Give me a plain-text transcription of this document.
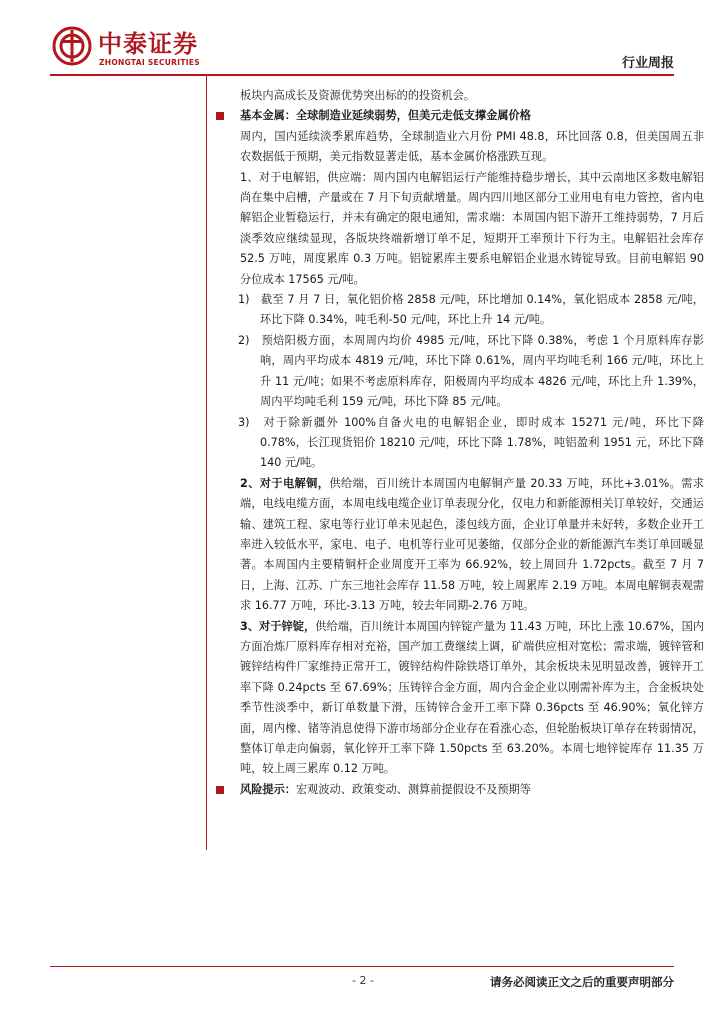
中泰证券
ZHONGTAI SECURITIES	行业周报

板块内高成长及资源优势突出标的的投资机会。

基本金属：全球制造业延续弱势，但美元走低支撑金属价格

周内，国内延续淡季累库趋势，全球制造业六月份 PMI 48.8，环比回落 0.8，但美国周五非农数据低于预期，美元指数显著走低，基本金属价格涨跌互现。

1、对于电解铝，供应端：周内国内电解铝运行产能维持稳步增长，其中云南地区多数电解铝尚在集中启槽，产量或在 7 月下旬贡献增量。周内四川地区部分工业用电有电力管控，省内电解铝企业暂稳运行，并未有确定的限电通知，需求端：本周国内铝下游开工维持弱势，7 月后淡季效应继续显现，各版块终端新增订单不足，短期开工率预计下行为主。电解铝社会库存 52.5 万吨，周度累库 0.3 万吨。铝锭累库主要系电解铝企业退水铸锭导致。目前电解铝 90 分位成本 17565 元/吨。

1)　截至 7 月 7 日，氧化铝价格 2858 元/吨，环比增加 0.14%，氧化铝成本 2858 元/吨，环比下降 0.34%，吨毛利-50 元/吨，环比上升 14 元/吨。

2)　预焙阳极方面，本周周内均价 4985 元/吨，环比下降 0.38%，考虑 1 个月原料库存影响，周内平均成本 4819 元/吨，环比下降 0.61%，周内平均吨毛利 166 元/吨，环比上升 11 元/吨；如果不考虑原料库存，阳极周内平均成本 4826 元/吨，环比上升 1.39%，周内平均吨毛利 159 元/吨，环比下降 85 元/吨。

3)　对于除新疆外 100%自备火电的电解铝企业，即时成本 15271 元/吨，环比下降 0.78%，长江现货铝价 18210 元/吨，环比下降 1.78%，吨铝盈利 1951 元，环比下降 140 元/吨。

2、对于电解铜，供给端，百川统计本周国内电解铜产量 20.33 万吨，环比+3.01%。需求端，电线电缆方面，本周电线电缆企业订单表现分化，仅电力和新能源相关订单较好，交通运输、建筑工程、家电等行业订单未见起色，漆包线方面，企业订单量并未好转，多数企业开工率进入较低水平，家电、电子、电机等行业可见萎缩，仅部分企业的新能源汽车类订单回暖显著。本周国内主要精铜杆企业周度开工率为 66.92%，较上周回升 1.72pcts。截至 7 月 7 日，上海、江苏、广东三地社会库存 11.58 万吨，较上周累库 2.19 万吨。本周电解铜表观需求 16.77 万吨，环比-3.13 万吨，较去年同期-2.76 万吨。

3、对于锌锭，供给端，百川统计本周国内锌锭产量为 11.43 万吨，环比上涨 10.67%，国内方面冶炼厂原料库存相对充裕，国产加工费继续上调，矿端供应相对宽松；需求端，镀锌管和镀锌结构件厂家维持正常开工，镀锌结构件除铁塔订单外，其余板块未见明显改善，镀锌开工率下降 0.24pcts 至 67.69%；压铸锌合金方面，周内合金企业以刚需补库为主，合金板块处季节性淡季中，新订单数量下滑，压铸锌合金开工率下降 0.36pcts 至 46.90%；氧化锌方面，周内橡、锗等消息使得下游市场部分企业存在看涨心态，但轮胎板块订单存在转弱情况，整体订单走向偏弱，氧化锌开工率下降 1.50pcts 至 63.20%。本周七地锌锭库存 11.35 万吨，较上周三累库 0.12 万吨。

风险提示：宏观波动、政策变动、测算前提假设不及预期等

- 2 -	请务必阅读正文之后的重要声明部分
